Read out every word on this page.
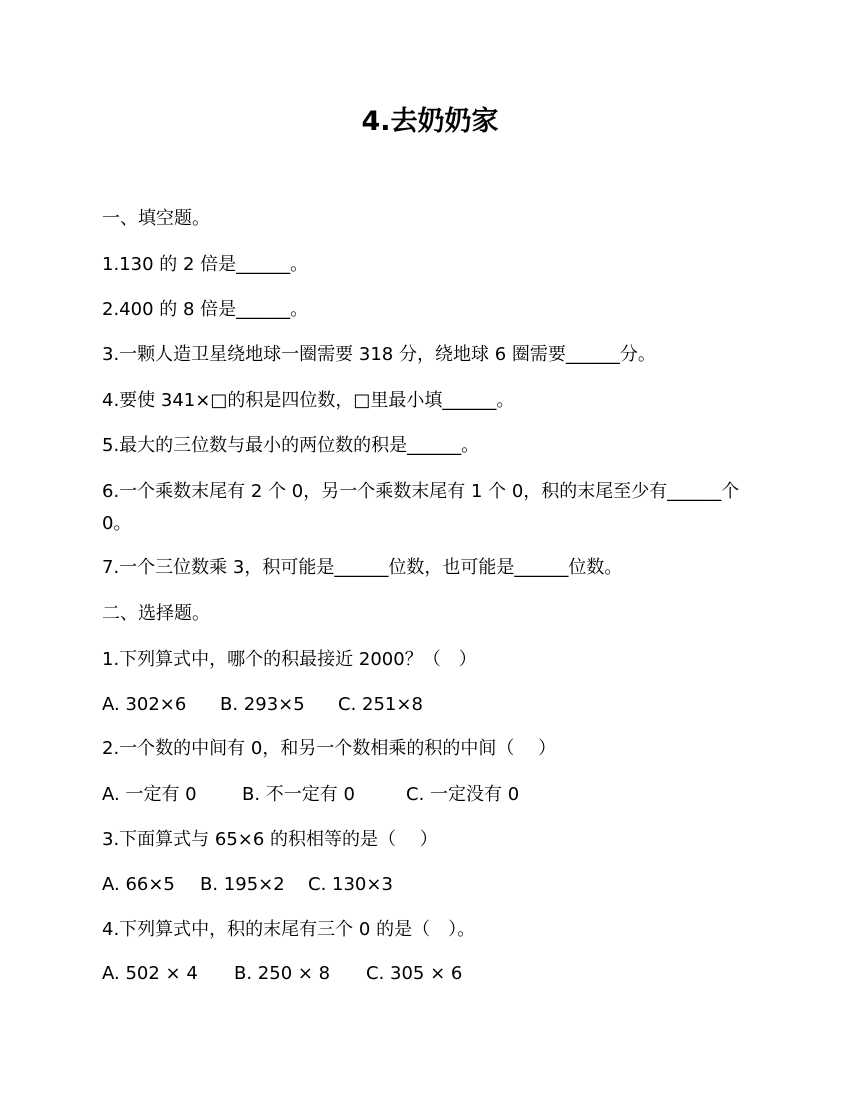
4.去奶奶家
一、填空题。
1.130 的 2 倍是______。
2.400 的 8 倍是______。
3.一颗人造卫星绕地球一圈需要 318 分，绕地球 6 圈需要______分。
4.要使 341×□的积是四位数，□里最小填______。
5.最大的三位数与最小的两位数的积是______。
6.一个乘数末尾有 2 个 0，另一个乘数末尾有 1 个 0，积的末尾至少有______个 0。
7.一个三位数乘 3，积可能是______位数，也可能是______位数。
二、选择题。
1.下列算式中，哪个的积最接近 2000？（　）
A. 302×6 B. 293×5 C. 251×8
2.一个数的中间有 0，和另一个数相乘的积的中间（　 ）
A. 一定有 0	B. 不一定有 0	C. 一定没有 0
3.下面算式与 65×6 的积相等的是（　 ）
A. 66×5 B. 195×2 C. 130×3
4.下列算式中，积的末尾有三个 0 的是（　）。
A. 502 × 4 B. 250 × 8 C. 305 × 6
